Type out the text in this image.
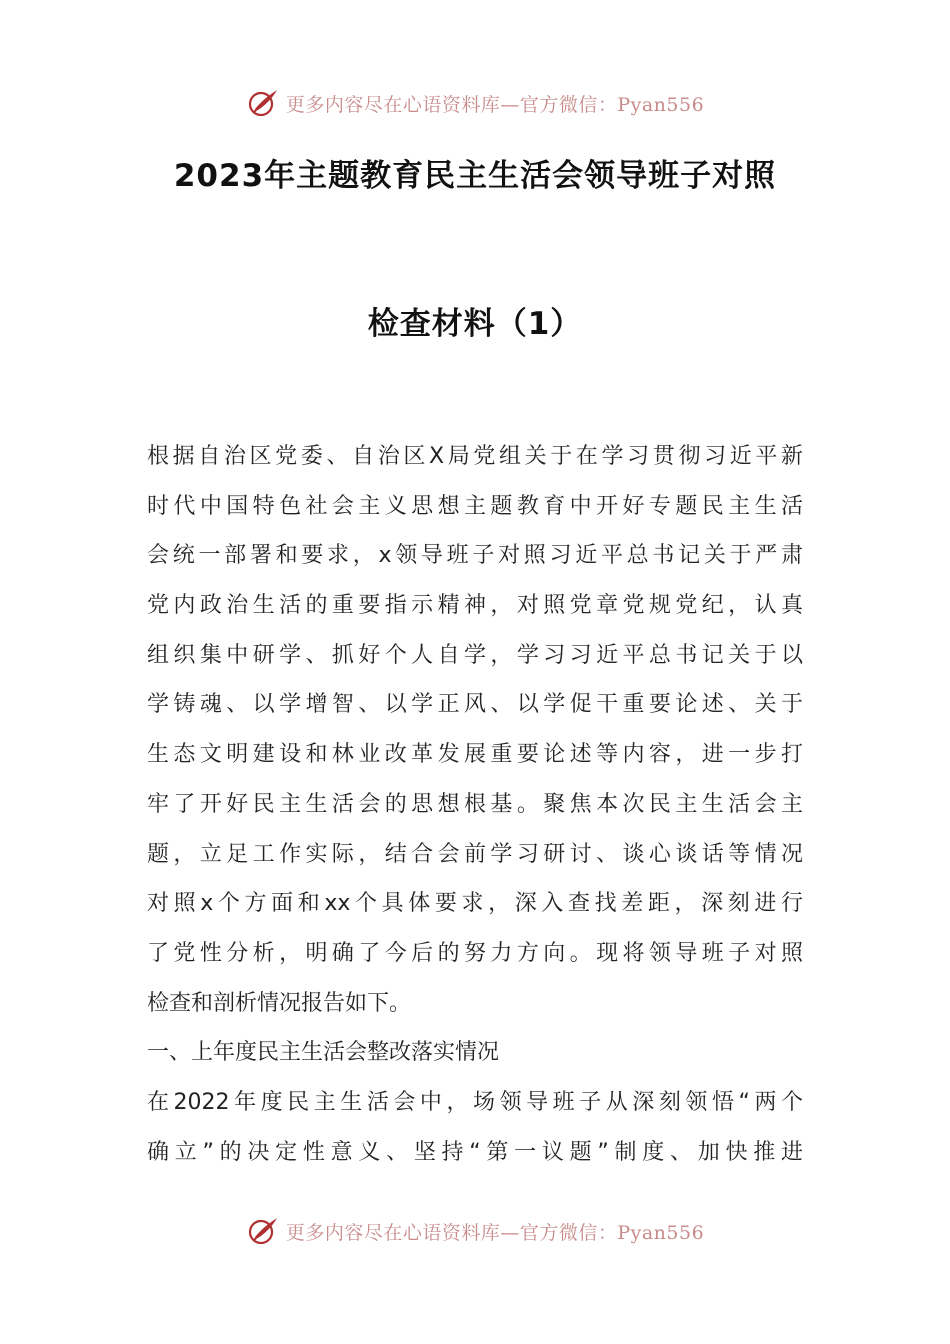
更多内容尽在心语资料库—官方微信：Pyan556
2023年主题教育民主生活会领导班子对照
检查材料（1）
根据自治区党委、自治区X局党组关于在学习贯彻习近平新
时代中国特色社会主义思想主题教育中开好专题民主生活
会统一部署和要求，x领导班子对照习近平总书记关于严肃
党内政治生活的重要指示精神，对照党章党规党纪，认真
组织集中研学、抓好个人自学，学习习近平总书记关于以
学铸魂、以学增智、以学正风、以学促干重要论述、关于
生态文明建设和林业改革发展重要论述等内容，进一步打
牢了开好民主生活会的思想根基。聚焦本次民主生活会主
题，立足工作实际，结合会前学习研讨、谈心谈话等情况
对照x个方面和xx个具体要求，深入查找差距，深刻进行
了党性分析，明确了今后的努力方向。现将领导班子对照
检查和剖析情况报告如下。
一、上年度民主生活会整改落实情况
在2022年度民主生活会中，场领导班子从深刻领悟“两个
确立”的决定性意义、坚持“第一议题”制度、加快推进
更多内容尽在心语资料库—官方微信：Pyan556
